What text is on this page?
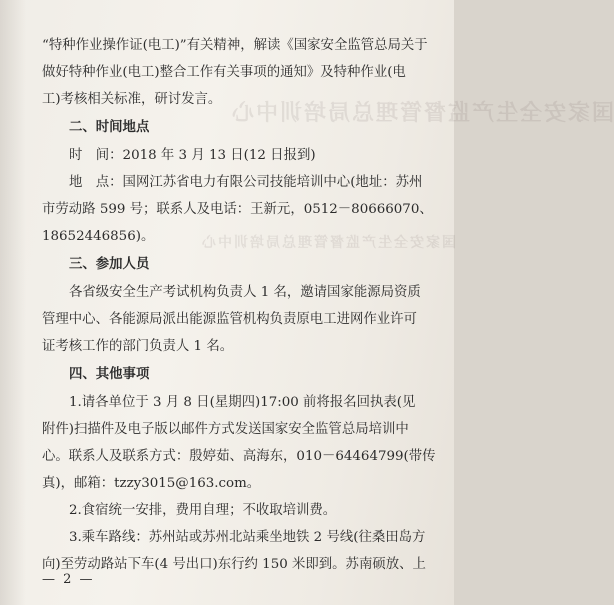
国家安全生产监督管理总局培训中心
国家安全生产监督管理总局培训中心

“特种作业操作证(电工)”有关精神，解读《国家安全监管总局关于

做好特种作业(电工)整合工作有关事项的通知》及特种作业(电

工)考核相关标准，研讨发言。

二、时间地点

时　间：2018 年 3 月 13 日(12 日报到)

地　点：国网江苏省电力有限公司技能培训中心(地址：苏州

市劳动路 599 号；联系人及电话：王新元，0512－80666070、

18652446856)。

三、参加人员

各省级安全生产考试机构负责人 1 名，邀请国家能源局资质

管理中心、各能源局派出能源监管机构负责原电工进网作业许可

证考核工作的部门负责人 1 名。

四、其他事项

1.请各单位于 3 月 8 日(星期四)17:00 前将报名回执表(见

附件)扫描件及电子版以邮件方式发送国家安全监管总局培训中

心。联系人及联系方式：殷婷茹、高海东，010－64464799(带传

真)，邮箱：tzzy3015@163.com。

2.食宿统一安排，费用自理；不收取培训费。

3.乘车路线：苏州站或苏州北站乘坐地铁 2 号线(往桑田岛方

向)至劳动路站下车(4 号出口)东行约 150 米即到。苏南硕放、上

— 2 —
